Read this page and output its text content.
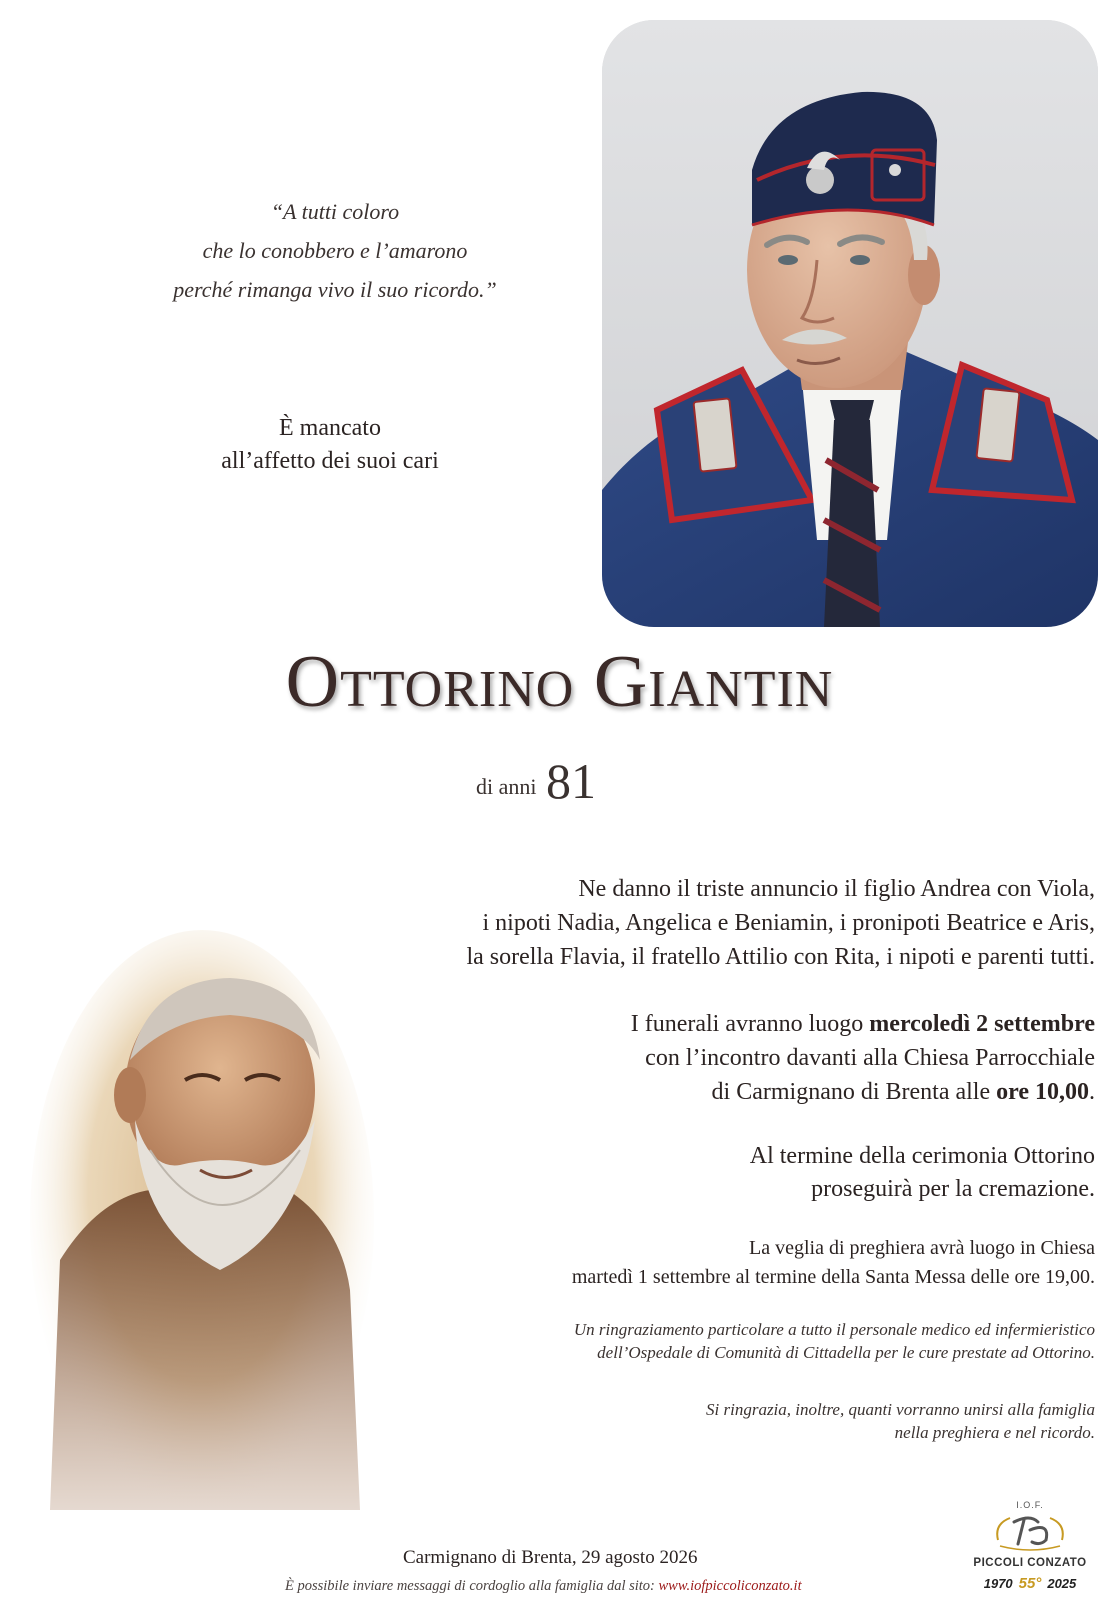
“A tutti coloro
che lo conobbero e l’amarono
perché rimanga vivo il suo ricordo.”
È mancato
all’affetto dei suoi cari
Ottorino Giantin
di anni 81
Ne danno il triste annuncio il figlio Andrea con Viola,
i nipoti Nadia, Angelica e Beniamin, i pronipoti Beatrice e Aris,
la sorella Flavia, il fratello Attilio con Rita, i nipoti e parenti tutti.
I funerali avranno luogo mercoledì 2 settembre
con l’incontro davanti alla Chiesa Parrocchiale
di Carmignano di Brenta alle ore 10,00.
Al termine della cerimonia Ottorino
proseguirà per la cremazione.
La veglia di preghiera avrà luogo in Chiesa
martedì 1 settembre al termine della Santa Messa delle ore 19,00.
Un ringraziamento particolare a tutto il personale medico ed infermieristico
dell’Ospedale di Comunità di Cittadella per le cure prestate ad Ottorino.
Si ringrazia, inoltre, quanti vorranno unirsi alla famiglia
nella preghiera e nel ricordo.
Carmignano di Brenta, 29 agosto 2026
È possibile inviare messaggi di cordoglio alla famiglia dal sito: www.iofpiccoliconzato.it
I.O.F.
PICCOLI CONZATO
1970 55° 2025
